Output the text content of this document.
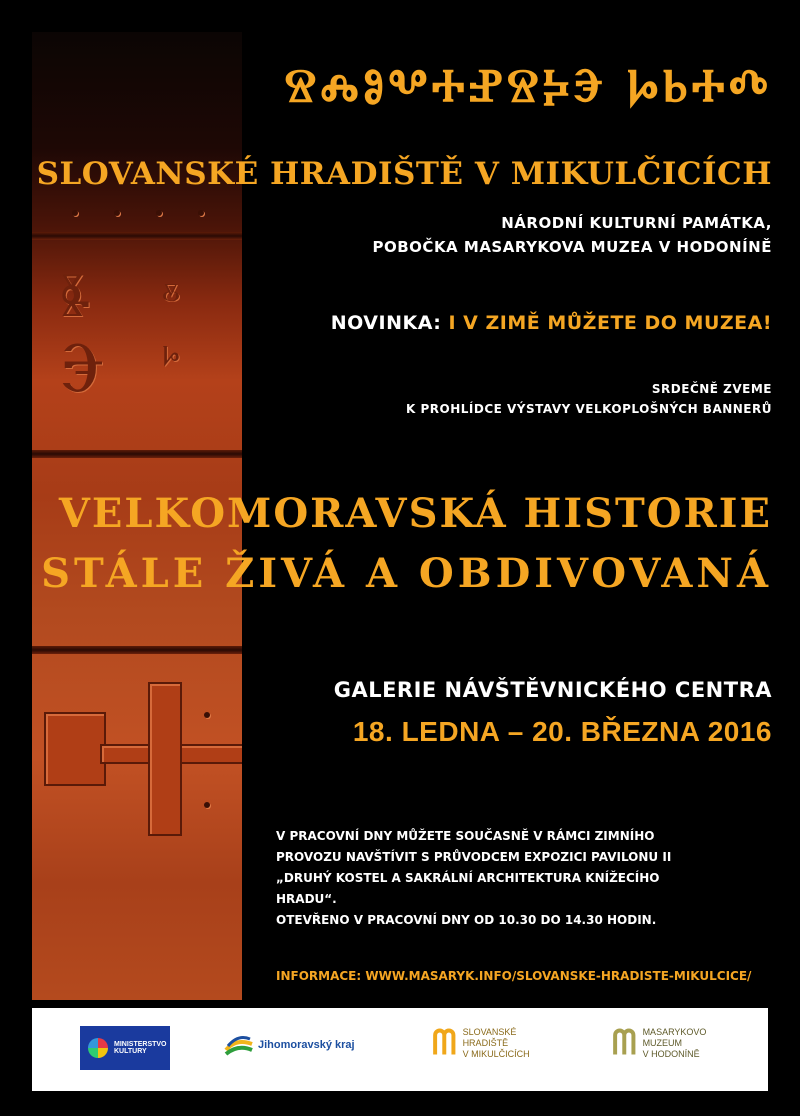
Ⱛ
Ⰵ
Ⰻ
Ⱈ
ⰔⰎⰑⰂⰀⰐⰔⰍⰅ ⰘⰓⰀⰄ
SLOVANSKÉ HRADIŠTĚ V MIKULČICÍCH
NÁRODNÍ KULTURNÍ PAMÁTKA,
POBOČKA MASARYKOVA MUZEA V HODONÍNĚ
NOVINKA: I V ZIMĚ MŮŽETE DO MUZEA!
SRDEČNĚ ZVEME
K PROHLÍDCE VÝSTAVY VELKOPLOŠNÝCH BANNERŮ
VELKOMORAVSKÁ HISTORIE
STÁLE ŽIVÁ A OBDIVOVANÁ
GALERIE NÁVŠTĚVNICKÉHO CENTRA
18. LEDNA – 20. BŘEZNA 2016
V PRACOVNÍ DNY MŮŽETE SOUČASNĚ V RÁMCI ZIMNÍHO
PROVOZU NAVŠTÍVIT S PRŮVODCEM EXPOZICI PAVILONU II
„DRUHÝ KOSTEL A SAKRÁLNÍ ARCHITEKTURA KNÍŽECÍHO
HRADU“.
OTEVŘENO V PRACOVNÍ DNY OD 10.30 DO 14.30 HODIN.
INFORMACE: WWW.MASARYK.INFO/SLOVANSKE-HRADISTE-MIKULCICE/
MINISTERSTVO KULTURY
Jihomoravský kraj ᗰ SLOVANSKÉ
HRADIŠTĚ
V MIKULČICÍCH ᗰ MASARYKOVO
MUZEUM
V HODONÍNĚ
